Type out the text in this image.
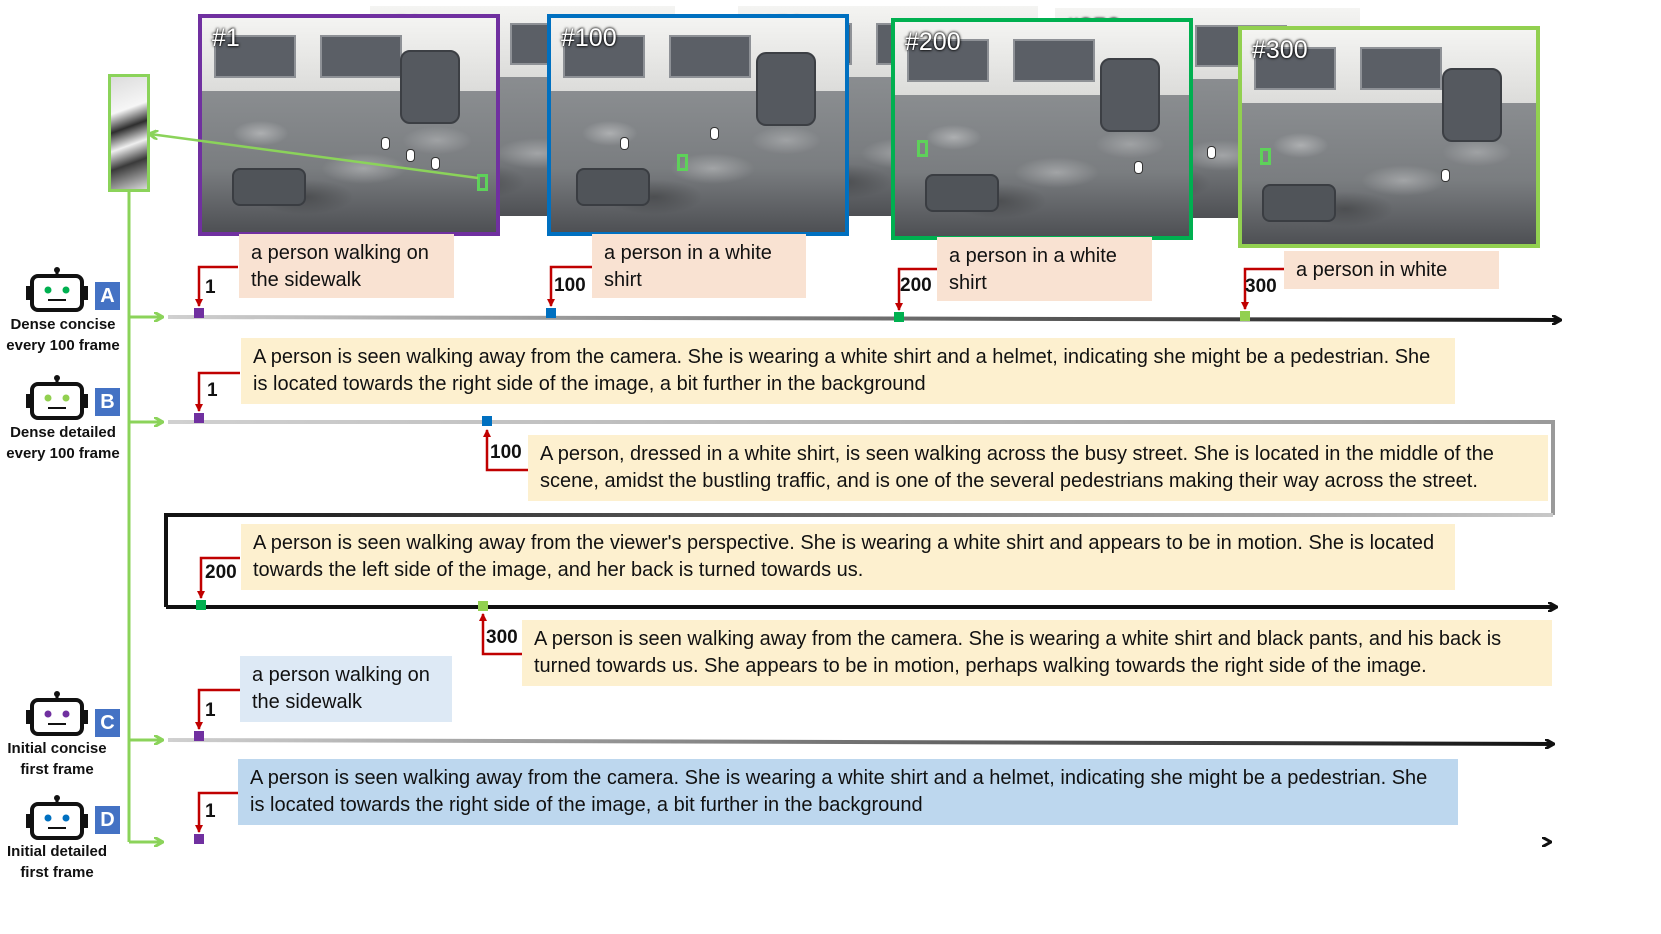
#1	#100	#200	#300
A
Dense concise
every 100 frame
B
Dense detailed
every 100 frame
C
Initial concise
first frame
D
Initial detailed
first frame
1	100	200	300
1
100
200
300
1
1
a person walking on the sidewalk
a person in a white shirt
a person in a white shirt
a person in white
A person is seen walking away from the camera. She is wearing a white shirt and a helmet, indicating she might be a pedestrian. She is located towards the right side of the image, a bit further in the background
A person, dressed in a white shirt, is seen walking across the busy street. She is located in the middle of the scene, amidst the bustling traffic, and is one of the several pedestrians making their way across the street.
A person is seen walking away from the viewer's perspective. She is wearing a white shirt and appears to be in motion. She is located towards the left side of the image, and her back is turned towards us.
A person is seen walking away from the camera. She is wearing a white shirt and black pants, and his back is turned towards us. She appears to be in motion, perhaps walking towards the right side of the image.
a person walking on the sidewalk
A person is seen walking away from the camera. She is wearing a white shirt and a helmet, indicating she might be a pedestrian. She is located towards the right side of the image, a bit further in the background
